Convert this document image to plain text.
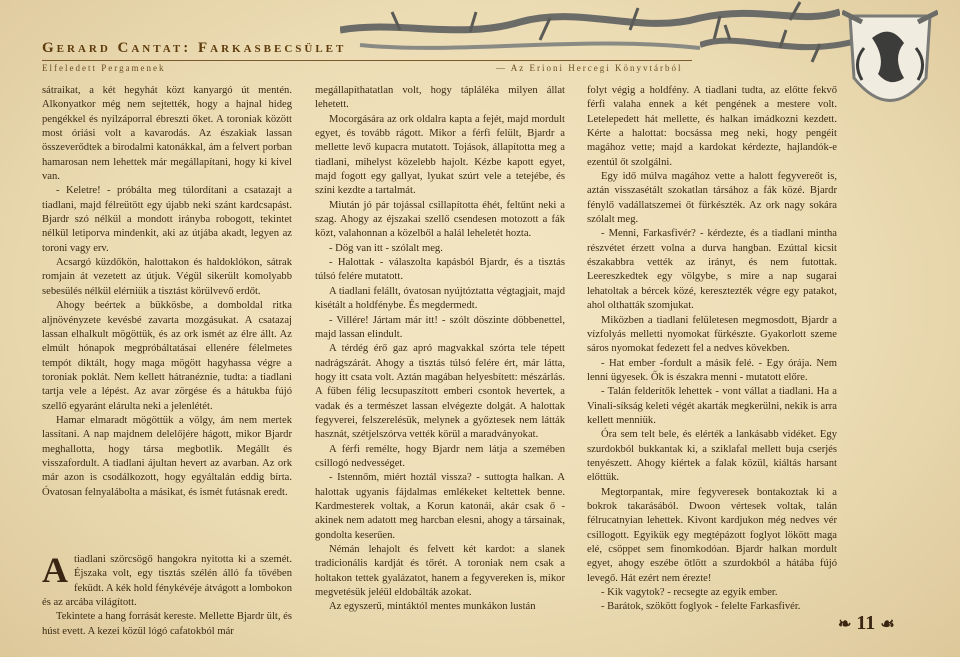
Gerard Cantat: Farkasbecsület
Elfeledett Pergamenek	— Az Erioni Hercegi Könyvtárból

sátraikat, a két hegyhát közt kanyargó út mentén. Alkonyatkor még nem sejtették, hogy a hajnal hideg pengékkel és nyílzáporral ébreszti őket. A toroniak között most óriási volt a kavarodás. Az északiak lassan összeverődtek a birodalmi katonákkal, ám a felvert porban hamarosan nem lehettek már megállapítani, hogy ki kivel van.

- Keletre! - próbálta meg túlordítani a csatazajt a tiadlani, majd félreütött egy újabb neki szánt kardcsapást. Bjardr szó nélkül a mondott irányba robogott, tekintet nélkül letiporva mindenkit, aki az útjába akadt, legyen az toroni vagy erv.

Acsargó küzdőkön, halottakon és haldoklókon, sátrak romjain át vezetett az útjuk. Végül sikerült komolyabb sebesülés nélkül elérniük a tisztást körülvevő erdőt.

Ahogy beértek a bükkösbe, a domboldal ritka aljnövényzete kevésbé zavarta mozgásukat. A csatazaj lassan elhalkult mögöttük, és az ork ismét az élre állt. Az elmúlt hónapok megpróbáltatásai ellenére félelmetes tempót diktált, hogy maga mögött hagyhassa végre a toroniak poklát. Nem kellett hátranéznie, tudta: a tiadlani tartja vele a lépést. Az avar zörgése és a hátukba fújó szellő egyaránt elárulta neki a jelenlétét.

Hamar elmaradt mögöttük a völgy, ám nem mertek lassítani. A nap majdnem delelőjére hágott, mikor Bjardr meghallotta, hogy társa megbotlik. Megállt és visszafordult. A tiadlani ájultan hevert az avarban. Az ork már azon is csodálkozott, hogy egyáltalán eddig bírta. Óvatosan felnyalábolta a másikat, és ismét futásnak eredt.

Atiadlani szörcsögő hangokra nyitotta ki a szemét. Éjszaka volt, egy tisztás szélén álló fa tövében feküdt. A kék hold fénykévéje átvágott a lombokon és az arcába világított.

Tekintete a hang forrását kereste. Mellette Bjardr ült, és húst evett. A kezei közül lógó cafatokból már

megállapíthatatlan volt, hogy tápláléka milyen állat lehetett.

Mocorgására az ork oldalra kapta a fejét, majd mordult egyet, és tovább rágott. Mikor a férfi felült, Bjardr a mellette levő kupacra mutatott. Tojások, állapította meg a tiadlani, mihelyst közelebb hajolt. Kézbe kapott egyet, majd fogott egy gallyat, lyukat szúrt vele a tetejébe, és színi kezdte a tartalmát.

Miután jó pár tojással csillapította éhét, feltűnt neki a szag. Ahogy az éjszakai szellő csendesen motozott a fák közt, valahonnan a közelből a halál leheletét hozta.

- Dög van itt - szólalt meg.

- Halottak - válaszolta kapásból Bjardr, és a tisztás túlsó felére mutatott.

A tiadlani felállt, óvatosan nyújtóztatta végtagjait, majd kisétált a holdfénybe. És megdermedt.

- Villére! Jártam már itt! - szólt döszinte döbbenettel, majd lassan elindult.

A térdég érő gaz apró magvakkal szórta tele tépett nadrágszárát. Ahogy a tisztás túlsó felére ért, már látta, hogy itt csata volt. Aztán magában helyesbített: mészárlás. A fűben félig lecsupaszított emberi csontok hevertek, a vadak és a természet lassan elvégezte dolgát. A halottak fegyverei, felszerelésük, melynek a győztesek nem látták hasznát, szétjelszórva vették körül a maradványokat.

A férfi remélte, hogy Bjardr nem látja a szemében csillogó nedvességet.

- Istennőm, miért hoztál vissza? - suttogta halkan. A halottak ugyanis fájdalmas emlékeket keltettek benne. Kardmesterek voltak, a Korun katonái, akár csak ő - akinek nem adatott meg harcban elesni, ahogy a társainak, gondolta keserűen.

Némán lehajolt és felvett két kardot: a slanek tradicionális kardját és tőrét. A toroniak nem csak a holtakon tettek gyalázatot, hanem a fegyvereken is, mikor megvetésük jeléül eldobálták azokat.

Az egyszerű, mintáktól mentes munkákon lustán

folyt végig a holdfény. A tiadlani tudta, az előtte fekvő férfi valaha ennek a két pengének a mestere volt. Letelepedett hát mellette, és halkan imádkozni kezdett. Kérte a halottat: bocsássa meg neki, hogy pengéit magához vette; majd a kardokat kérdezte, hajlandók-e ezentúl őt szolgálni.

Egy idő múlva magához vette a halott fegyvereőt is, aztán visszasétált szokatlan társához a fák közé. Bjardr fénylő vadállatszemei őt fürkészték. Az ork nagy sokára szólalt meg.

- Menni, Farkasfivér? - kérdezte, és a tiadlani mintha részvétet érzett volna a durva hangban. Ezúttal kicsit északabbra vették az irányt, és nem futottak. Leereszkedtek egy völgybe, s mire a nap sugarai lehatoltak a bércek közé, keresztezték végre egy patakot, ahol olthatták szomjukat.

Miközben a tiadlani felületesen megmosdott, Bjardr a vízfolyás melletti nyomokat fürkészte. Gyakorlott szeme sáros nyomokat fedezett fel a nedves kövekben.

- Hat ember -fordult a másik felé. - Egy órája. Nem lenni ügyesek. Ők is északra menni - mutatott előre.

- Talán felderítők lehettek - vont vállat a tiadlani. Ha a Vinali-síkság keleti végét akarták megkerülni, nekik is arra kellett menniük.

Óra sem telt bele, és elérték a lankásabb vidéket. Egy szurdokból bukkantak ki, a sziklafal mellett buja cserjés tenyészett. Ahogy kiértek a falak közül, kiáltás harsant előttük.

Megtorpantak, mire fegyveresek bontakoztak ki a bokrok takarásából. Dwoon vértesek voltak, talán félrucatnyian lehettek. Kivont kardjukon még nedves vér csillogott. Egyikük egy megtépázott foglyot lökött maga elé, csöppet sem finomkodóan. Bjardr halkan mordult egyet, ahogy eszébe ötlött a szurdokból a hátába fújó levegő. Hát ezért nem érezte!

- Kik vagytok? - recsegte az egyik ember.

- Barátok, szökött foglyok - felelte Farkasfivér.

❧ 11 ☙
